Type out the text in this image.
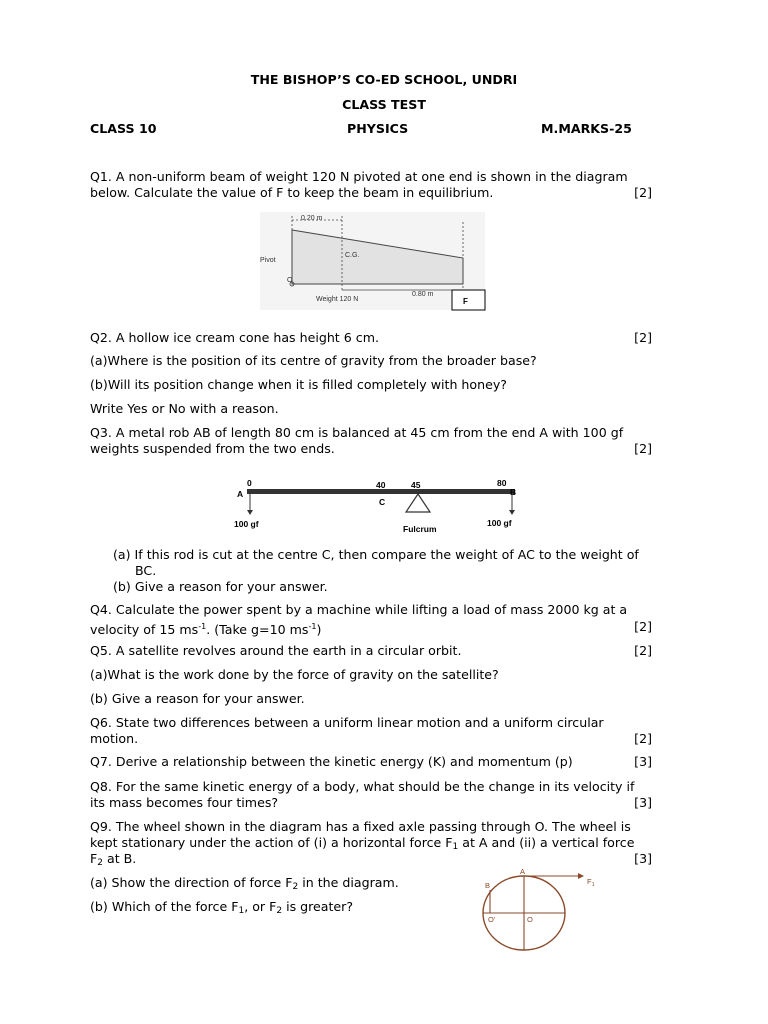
THE BISHOP’S CO-ED SCHOOL, UNDRI
CLASS TEST
CLASS 10	PHYSICS	M.MARKS-25
Q1. A non-uniform beam of weight 120 N pivoted at one end is shown in the diagram
below. Calculate the value of F to keep the beam in equilibrium.	[2]
0.20 m
C.G.
Pivot
O
0.80 m
Weight 120 N	F
Q2. A hollow ice cream cone has height 6 cm.	[2]
(a)Where is the position of its centre of gravity from the broader base?
(b)Will its position change when it is filled completely with honey?
Write Yes or No with a reason.
Q3. A metal rob AB of length 80 cm is balanced at 45 cm from the end A with 100 gf
weights suspended from the two ends.	[2]
0	40	45	80
A	B
C
100 gf	Fulcrum
100 gf
(a) If this rod is cut at the centre C, then compare the weight of AC to the weight of
BC.
(b) Give a reason for your answer.
Q4. Calculate the power spent by a machine while lifting a load of mass 2000 kg at a
velocity of 15 $ms^{-1}$. (Take g=10 $ms^{-1}$)	[2]
Q5. A satellite revolves around the earth in a circular orbit.	[2]
(a)What is the work done by the force of gravity on the satellite?
(b) Give a reason for your answer.
Q6. State two differences between a uniform linear motion and a uniform circular
motion.	[2]
Q7. Derive a relationship between the kinetic energy (K) and momentum (p)	[3]
Q8. For the same kinetic energy of a body, what should be the change in its velocity if
its mass becomes four times?	[3]
Q9. The wheel shown in the diagram has a fixed axle passing through O. The wheel is
kept stationary under the action of (i) a horizontal force $F_1$ at A and (ii) a vertical force
$F_2$ at B.	[3]
(a) Show the direction of force $F_2$ in the diagram.
(b) Which of the force $F_1$, or $F_2$ is greater?
A
B	$F_1$
O'	O
